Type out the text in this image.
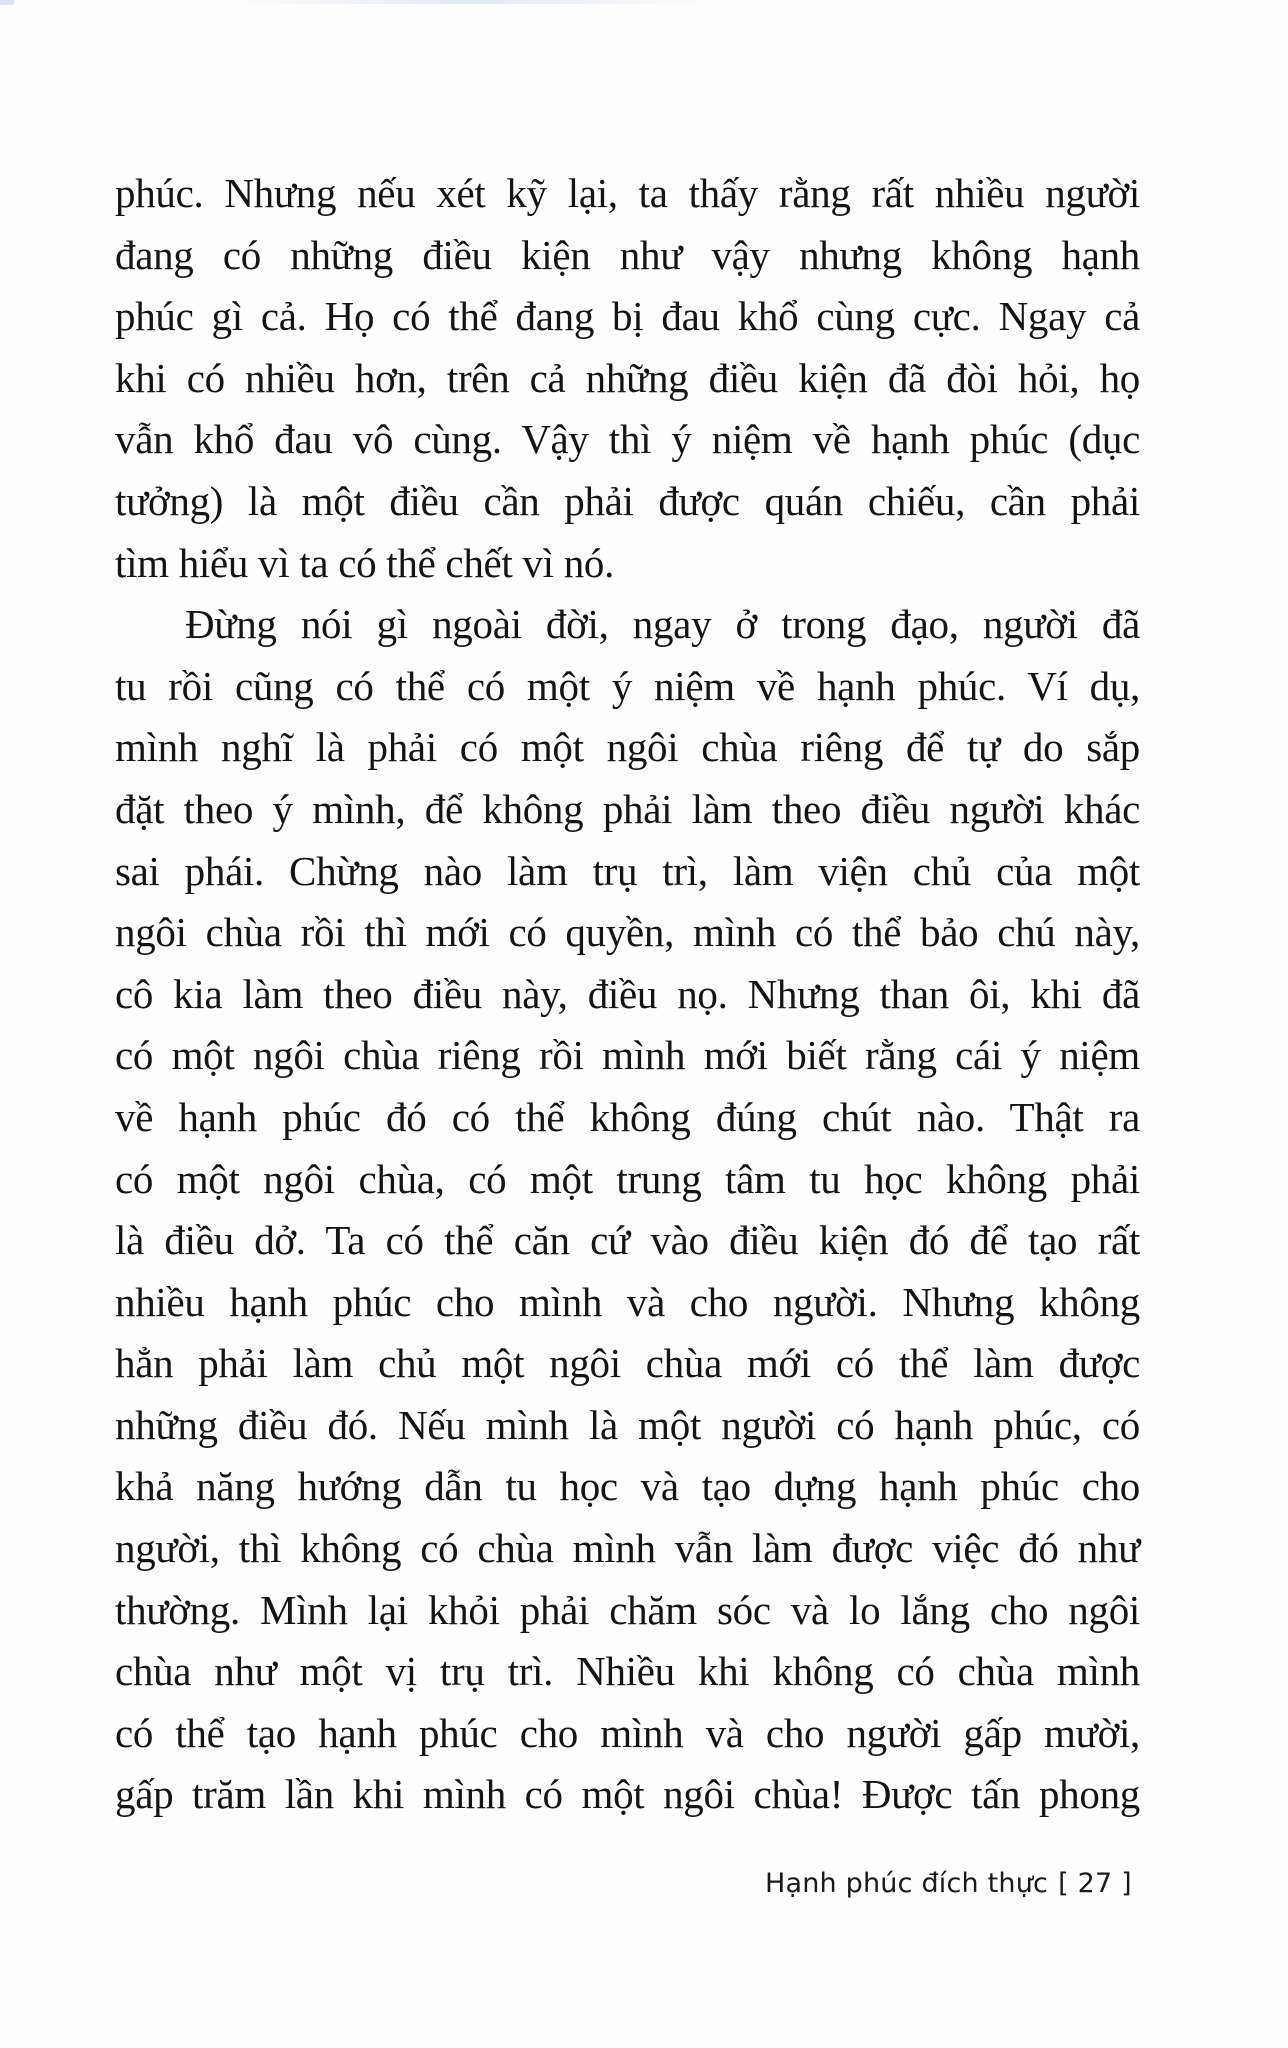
phúc. Nhưng nếu xét kỹ lại, ta thấy rằng rất nhiều người
đang có những điều kiện như vậy nhưng không hạnh
phúc gì cả. Họ có thể đang bị đau khổ cùng cực. Ngay cả
khi có nhiều hơn, trên cả những điều kiện đã đòi hỏi, họ
vẫn khổ đau vô cùng. Vậy thì ý niệm về hạnh phúc (dục
tưởng) là một điều cần phải được quán chiếu, cần phải
tìm hiểu vì ta có thể chết vì nó.
Đừng nói gì ngoài đời, ngay ở trong đạo, người đã
tu rồi cũng có thể có một ý niệm về hạnh phúc. Ví dụ,
mình nghĩ là phải có một ngôi chùa riêng để tự do sắp
đặt theo ý mình, để không phải làm theo điều người khác
sai phái. Chừng nào làm trụ trì, làm viện chủ của một
ngôi chùa rồi thì mới có quyền, mình có thể bảo chú này,
cô kia làm theo điều này, điều nọ. Nhưng than ôi, khi đã
có một ngôi chùa riêng rồi mình mới biết rằng cái ý niệm
về hạnh phúc đó có thể không đúng chút nào. Thật ra
có một ngôi chùa, có một trung tâm tu học không phải
là điều dở. Ta có thể căn cứ vào điều kiện đó để tạo rất
nhiều hạnh phúc cho mình và cho người. Nhưng không
hẳn phải làm chủ một ngôi chùa mới có thể làm được
những điều đó. Nếu mình là một người có hạnh phúc, có
khả năng hướng dẫn tu học và tạo dựng hạnh phúc cho
người, thì không có chùa mình vẫn làm được việc đó như
thường. Mình lại khỏi phải chăm sóc và lo lắng cho ngôi
chùa như một vị trụ trì. Nhiều khi không có chùa mình
có thể tạo hạnh phúc cho mình và cho người gấp mười,
gấp trăm lần khi mình có một ngôi chùa! Được tấn phong
Hạnh phúc đích thực [ 27 ]
